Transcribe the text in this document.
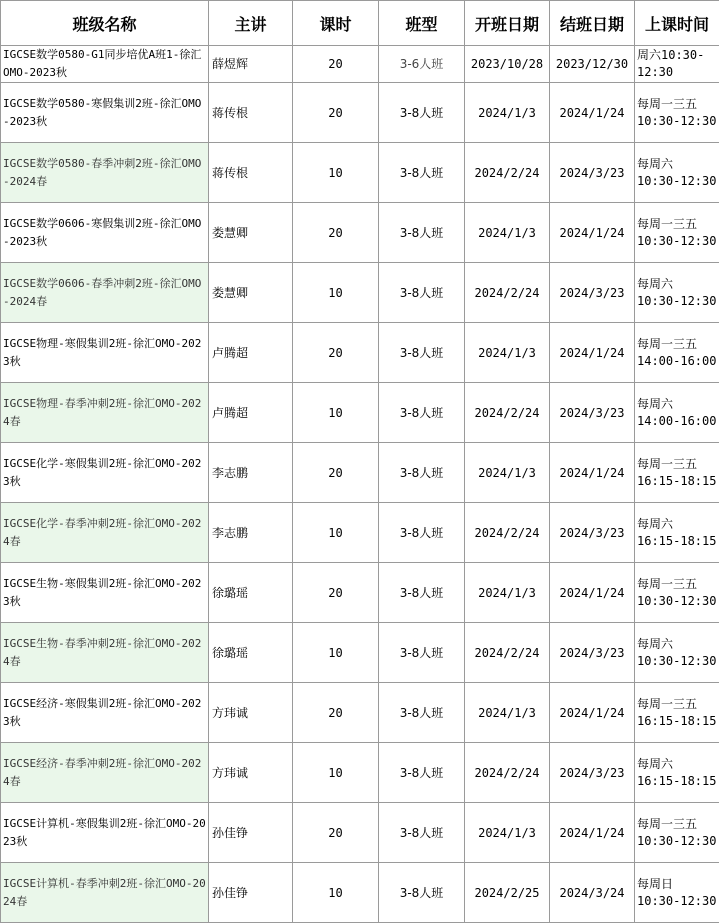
班级名称	主讲	课时	班型	开班日期	结班日期	上课时间
IGCSE数学0580-G1同步培优A班1-徐汇OMO-2023秋	薛煜辉	20	3-6人班	2023/10/28	2023/12/30	周六10:30-
12:30

IGCSE数学0580-寒假集训2班-徐汇OMO-2023秋	蒋传根	20	3-8人班	2024/1/3	2024/1/24	每周一三五
10:30-12:30

IGCSE数学0580-春季冲刺2班-徐汇OMO-2024春	蒋传根	10	3-8人班	2024/2/24	2024/3/23	每周六
10:30-12:30

IGCSE数学0606-寒假集训2班-徐汇OMO-2023秋	娄慧卿	20	3-8人班	2024/1/3	2024/1/24	每周一三五
10:30-12:30

IGCSE数学0606-春季冲刺2班-徐汇OMO-2024春	娄慧卿	10	3-8人班	2024/2/24	2024/3/23	每周六
10:30-12:30

IGCSE物理-寒假集训2班-徐汇OMO-2023秋	卢腾超	20	3-8人班	2024/1/3	2024/1/24	每周一三五
14:00-16:00

IGCSE物理-春季冲刺2班-徐汇OMO-2024春	卢腾超	10	3-8人班	2024/2/24	2024/3/23	每周六
14:00-16:00

IGCSE化学-寒假集训2班-徐汇OMO-2023秋	李志鹏	20	3-8人班	2024/1/3	2024/1/24	每周一三五
16:15-18:15

IGCSE化学-春季冲刺2班-徐汇OMO-2024春	李志鹏	10	3-8人班	2024/2/24	2024/3/23	每周六
16:15-18:15

IGCSE生物-寒假集训2班-徐汇OMO-2023秋	徐璐瑶	20	3-8人班	2024/1/3	2024/1/24	每周一三五
10:30-12:30

IGCSE生物-春季冲刺2班-徐汇OMO-2024春	徐璐瑶	10	3-8人班	2024/2/24	2024/3/23	每周六
10:30-12:30

IGCSE经济-寒假集训2班-徐汇OMO-2023秋	方玮诚	20	3-8人班	2024/1/3	2024/1/24	每周一三五
16:15-18:15

IGCSE经济-春季冲刺2班-徐汇OMO-2024春	方玮诚	10	3-8人班	2024/2/24	2024/3/23	每周六
16:15-18:15

IGCSE计算机-寒假集训2班-徐汇OMO-2023秋	孙佳铮	20	3-8人班	2024/1/3	2024/1/24	每周一三五
10:30-12:30

IGCSE计算机-春季冲刺2班-徐汇OMO-2024春	孙佳铮	10	3-8人班	2024/2/25	2024/3/24	每周日
10:30-12:30
